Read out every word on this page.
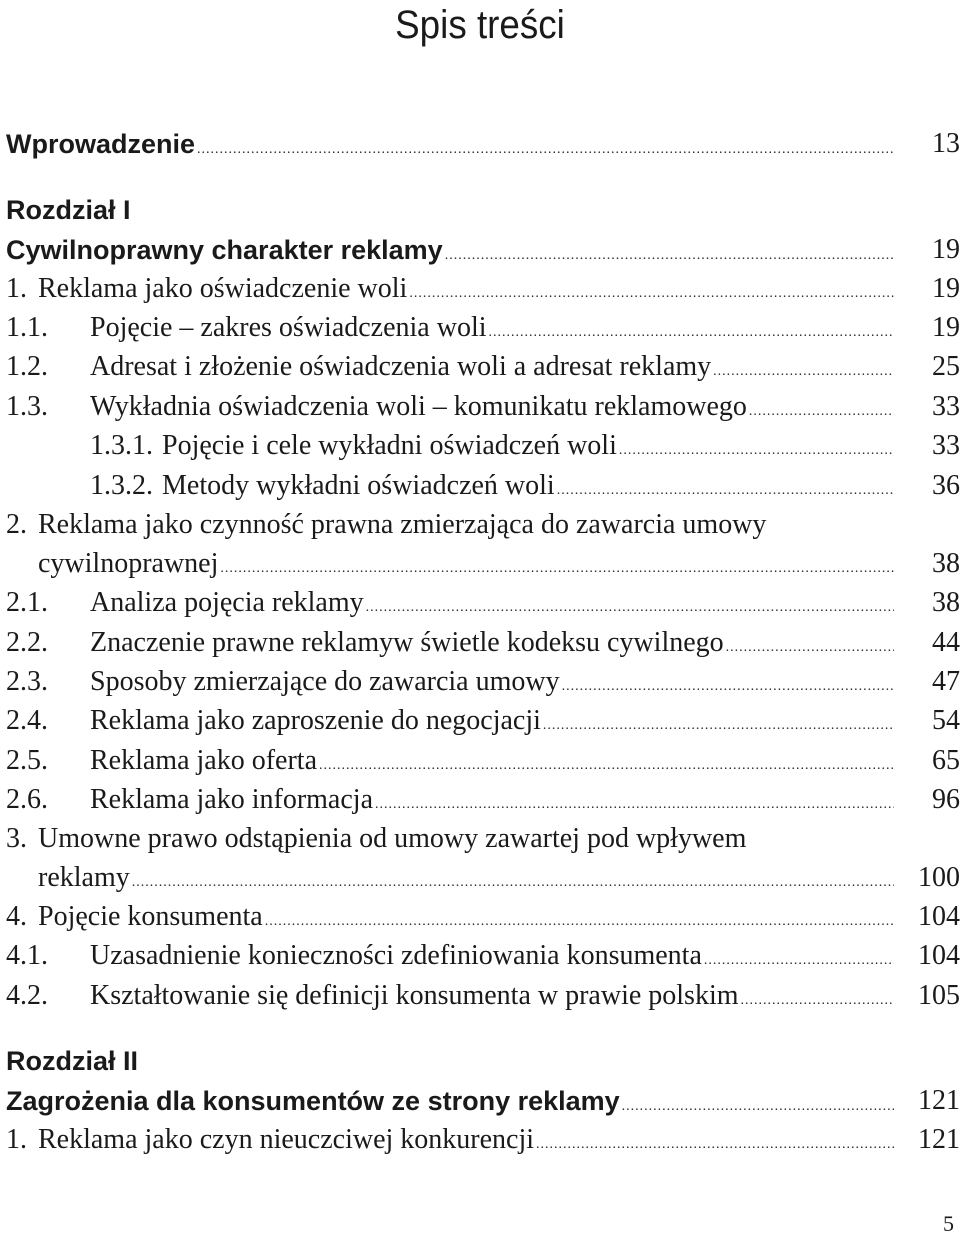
Spis treści
Wprowadzenie .....	13
Rozdział I
Cywilnoprawny charakter reklamy .....	19
1. Reklama jako oświadczenie woli .....	19
1.1.	Pojęcie – zakres oświadczenia woli .....	19
1.2.	Adresat i złożenie oświadczenia woli a adresat reklamy .....	25
1.3.	Wykładnia oświadczenia woli – komunikatu reklamowego .....	33
1.3.1. Pojęcie i cele wykładni oświadczeń woli .....	33
1.3.2. Metody wykładni oświadczeń woli .....	36
2. Reklama jako czynność prawna zmierzająca do zawarcia umowy
cywilnoprawnej .....	38
2.1.	Analiza pojęcia reklamy .....	38
2.2.	Znaczenie prawne reklamyw świetle kodeksu cywilnego .....	44
2.3.	Sposoby zmierzające do zawarcia umowy .....	47
2.4.	Reklama jako zaproszenie do negocjacji .....	54
2.5.	Reklama jako oferta .....	65
2.6.	Reklama jako informacja .....	96
3. Umowne prawo odstąpienia od umowy zawartej pod wpływem
reklamy .....	100
4. Pojęcie konsumenta .....	104
4.1.	Uzasadnienie konieczności zdefiniowania konsumenta .....	104
4.2.	Kształtowanie się definicji konsumenta w prawie polskim .....	105
Rozdział II
Zagrożenia dla konsumentów ze strony reklamy .....	121
1. Reklama jako czyn nieuczciwej konkurencji .....	121
5
